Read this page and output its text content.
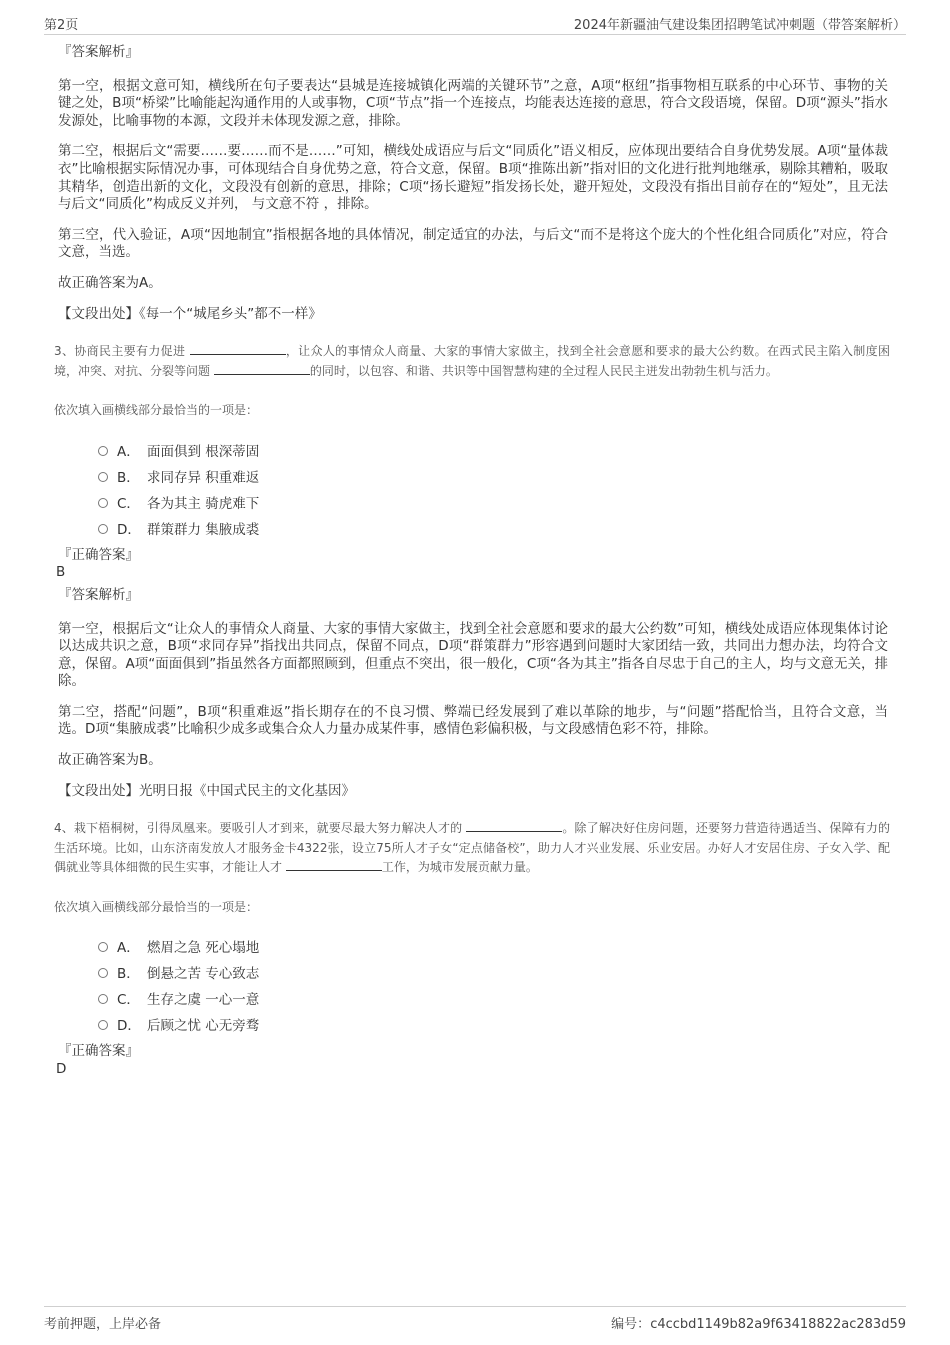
第2页	2024年新疆油气建设集团招聘笔试冲刺题（带答案解析）
『答案解析』
第一空，根据文意可知，横线所在句子要表达“县城是连接城镇化两端的关键环节”之意，A项“枢纽”指事物相互联系的中心环节、事物的关键之处，B项“桥梁”比喻能起沟通作用的人或事物，C项“节点”指一个连接点，均能表达连接的意思，符合文段语境，保留。D项“源头”指水发源处，比喻事物的本源，文段并未体现发源之意，排除。
第二空，根据后文“需要……要……而不是……”可知，横线处成语应与后文“同质化”语义相反，应体现出要结合自身优势发展。A项“量体裁衣”比喻根据实际情况办事，可体现结合自身优势之意，符合文意，保留。B项“推陈出新”指对旧的文化进行批判地继承，剔除其糟粕，吸取其精华，创造出新的文化，文段没有创新的意思，排除；C项“扬长避短”指发扬长处，避开短处，文段没有指出目前存在的“短处”，且无法与后文“同质化”构成反义并列， 与文意不符 ，排除。
第三空，代入验证，A项“因地制宜”指根据各地的具体情况，制定适宜的办法，与后文“而不是将这个庞大的个性化组合同质化”对应，符合文意，当选。
故正确答案为A。
【文段出处】《每一个“城尾乡头”都不一样》
3、协商民主要有力促进	，让众人的事情众人商量、大家的事情大家做主，找到全社会意愿和要求的最大公约数。在西式民主陷入制度困境，冲突、对抗、分裂等问题	的同时，以包容、和谐、共识等中国智慧构建的全过程人民民主迸发出勃勃生机与活力。
依次填入画横线部分最恰当的一项是：
A． 面面俱到 根深蒂固
B． 求同存异 积重难返
C． 各为其主 骑虎难下
D． 群策群力 集腋成裘
『正确答案』
B
『答案解析』
第一空，根据后文“让众人的事情众人商量、大家的事情大家做主，找到全社会意愿和要求的最大公约数”可知，横线处成语应体现集体讨论以达成共识之意，B项“求同存异”指找出共同点，保留不同点，D项“群策群力”形容遇到问题时大家团结一致，共同出力想办法，均符合文意，保留。A项“面面俱到”指虽然各方面都照顾到，但重点不突出，很一般化，C项“各为其主”指各自尽忠于自己的主人，均与文意无关，排除。
第二空，搭配“问题”，B项“积重难返”指长期存在的不良习惯、弊端已经发展到了难以革除的地步，与“问题”搭配恰当，且符合文意，当选。D项“集腋成裘”比喻积少成多或集合众人力量办成某件事，感情色彩偏积极，与文段感情色彩不符，排除。
故正确答案为B。
【文段出处】光明日报《中国式民主的文化基因》
4、栽下梧桐树，引得凤凰来。要吸引人才到来，就要尽最大努力解决人才的	。除了解决好住房问题，还要努力营造待遇适当、保障有力的生活环境。比如，山东济南发放人才服务金卡4322张，设立75所人才子女“定点储备校”，助力人才兴业发展、乐业安居。办好人才安居住房、子女入学、配偶就业等具体细微的民生实事，才能让人才	工作，为城市发展贡献力量。
依次填入画横线部分最恰当的一项是：
A． 燃眉之急 死心塌地
B． 倒悬之苦 专心致志
C． 生存之虞 一心一意
D． 后顾之忧 心无旁骛
『正确答案』
D
考前押题，上岸必备	编号：c4ccbd1149b82a9f63418822ac283d59
